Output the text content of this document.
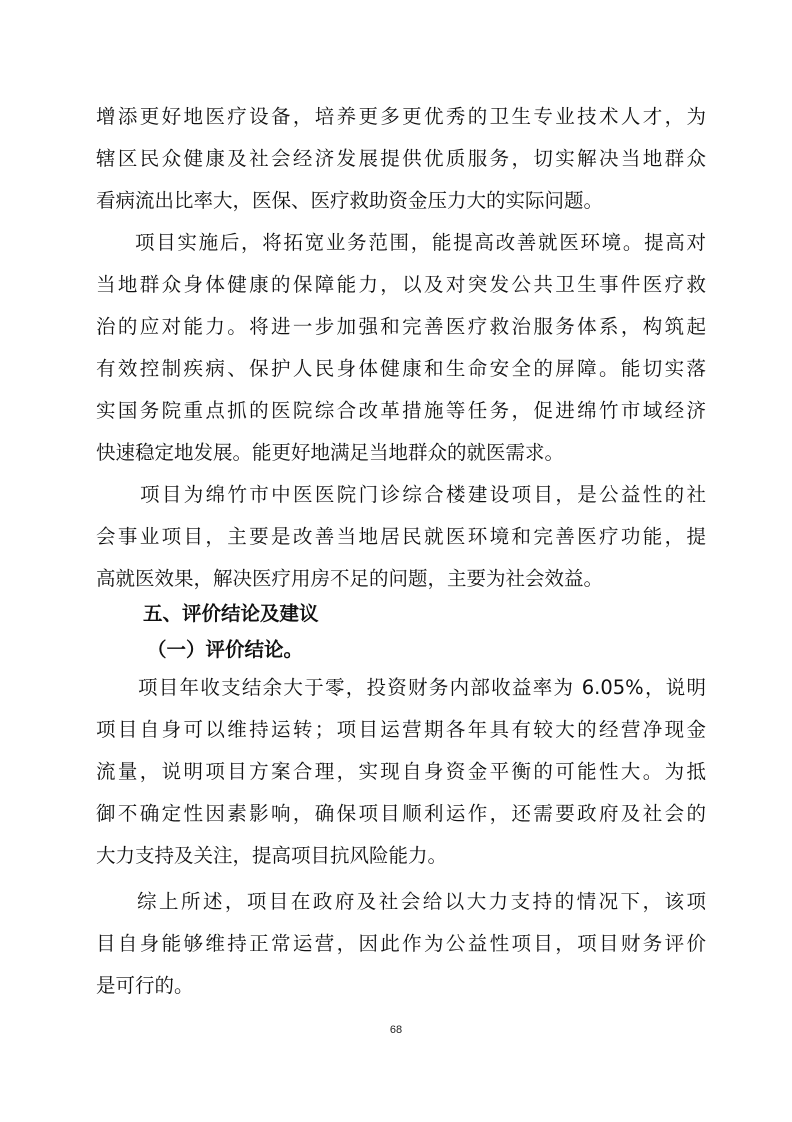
增添更好地医疗设备，培养更多更优秀的卫生专业技术人才，为
辖区民众健康及社会经济发展提供优质服务，切实解决当地群众
看病流出比率大，医保、医疗救助资金压力大的实际问题。
项目实施后，将拓宽业务范围，能提高改善就医环境。提高对
当地群众身体健康的保障能力，以及对突发公共卫生事件医疗救
治的应对能力。将进一步加强和完善医疗救治服务体系，构筑起
有效控制疾病、保护人民身体健康和生命安全的屏障。能切实落
实国务院重点抓的医院综合改革措施等任务，促进绵竹市域经济
快速稳定地发展。能更好地满足当地群众的就医需求。
项目为绵竹市中医医院门诊综合楼建设项目，是公益性的社
会事业项目，主要是改善当地居民就医环境和完善医疗功能，提
高就医效果，解决医疗用房不足的问题，主要为社会效益。
五、评价结论及建议
（一）评价结论。
项目年收支结余大于零，投资财务内部收益率为 6.05%，说明
项目自身可以维持运转；项目运营期各年具有较大的经营净现金
流量，说明项目方案合理，实现自身资金平衡的可能性大。为抵
御不确定性因素影响，确保项目顺利运作，还需要政府及社会的
大力支持及关注，提高项目抗风险能力。
综上所述，项目在政府及社会给以大力支持的情况下，该项
目自身能够维持正常运营，因此作为公益性项目，项目财务评价
是可行的。
68
